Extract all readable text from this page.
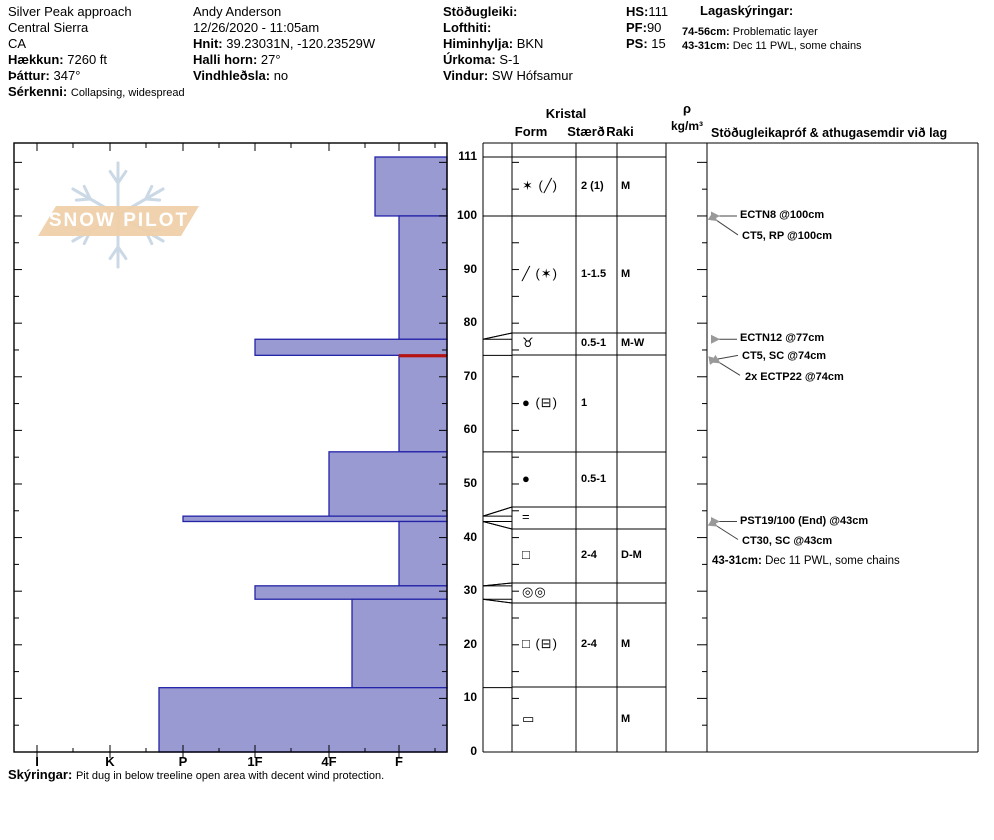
Silver Peak approach
Central Sierra
CA
Hækkun: 7260 ft
Þáttur: 347°
Sérkenni: Collapsing, widespread
Andy Anderson
12/26/2020 - 11:05am
Hnit: 39.23031N, -120.23529W
Halli horn: 27°
Vindhleðsla: no
Stöðugleiki:
Lofthiti:
Himinhylja: BKN
Úrkoma: S-1
Vindur: SW Hófsamur
HS:111
PF:90
PS: 15
Lagaskýringar:
74-56cm: Problematic layer
43-31cm: Dec 11 PWL, some chains
Kristal
Form	Stærð Raki
ρ
kg/m³ Stöðugleikapróf & athugasemdir við lag
Skýringar: Pit dug in below treeline open area with decent wind protection.
SNOW PILOT
I	K	P	1F	4F	F
111
100
90
80
70
60
50
40
30
20
10
0
✶ (╱) 2 (1) M
╱ (✶) 1-1.5 M
♉	0.5-1 M-W
● (⊟) 1
●	0.5-1
=
□	2-4 D-M
◎◎
□ (⊟) 2-4 M
▭	M
ECTN8 @100cm
CT5, RP @100cm
ECTN12 @77cm
CT5, SC @74cm
2x ECTP22 @74cm
PST19/100 (End) @43cm
CT30, SC @43cm
43-31cm: Dec 11 PWL, some chains
